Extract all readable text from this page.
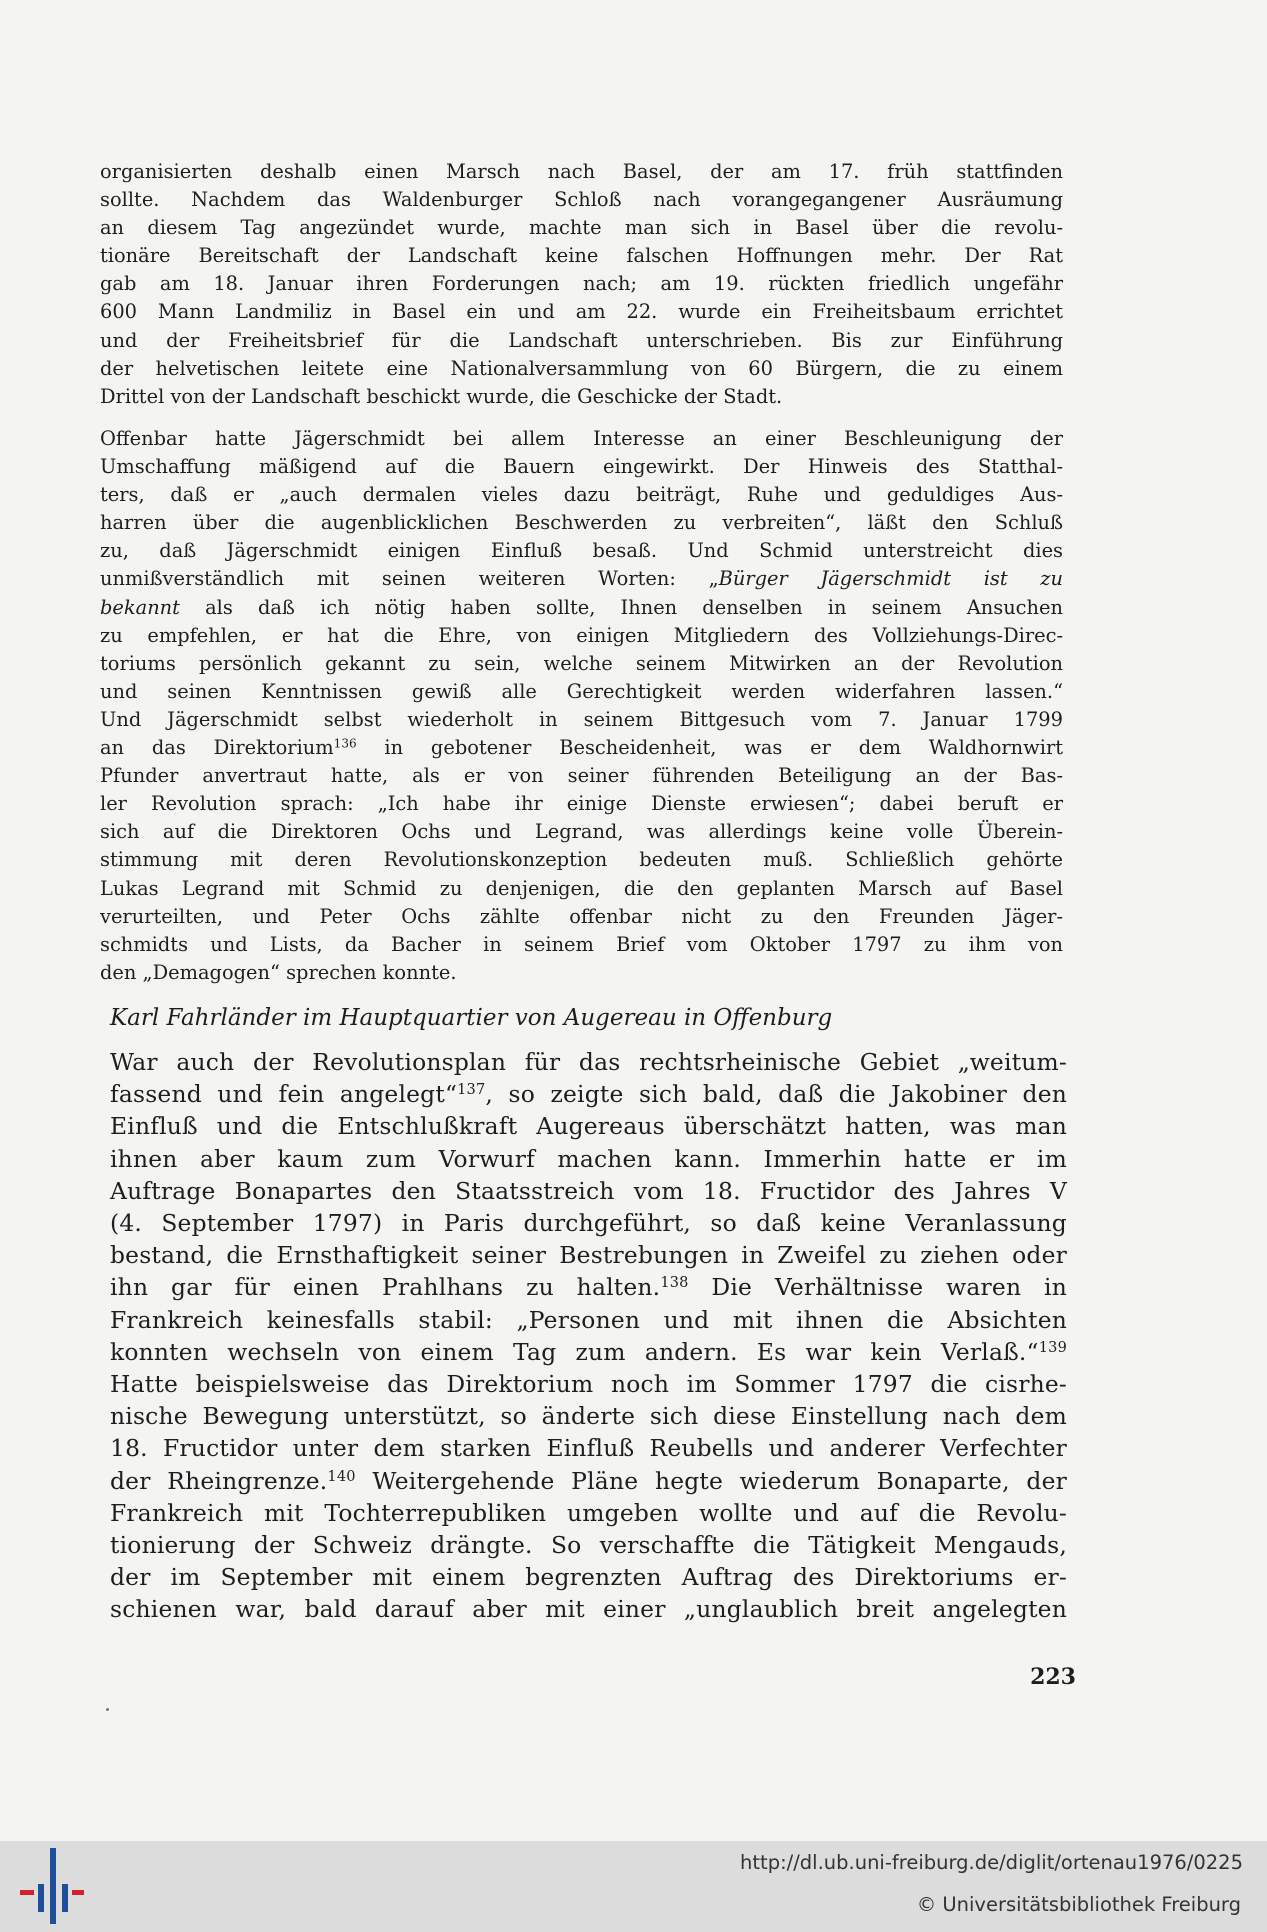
organisierten deshalb einen Marsch nach Basel, der am 17. früh stattfinden
sollte. Nachdem das Waldenburger Schloß nach vorangegangener Ausräumung
an diesem Tag angezündet wurde, machte man sich in Basel über die revolu-
tionäre Bereitschaft der Landschaft keine falschen Hoffnungen mehr. Der Rat
gab am 18. Januar ihren Forderungen nach; am 19. rückten friedlich ungefähr
600 Mann Landmiliz in Basel ein und am 22. wurde ein Freiheitsbaum errichtet
und der Freiheitsbrief für die Landschaft unterschrieben. Bis zur Einführung
der helvetischen leitete eine Nationalversammlung von 60 Bürgern, die zu einem
Drittel von der Landschaft beschickt wurde, die Geschicke der Stadt.
Offenbar hatte Jägerschmidt bei allem Interesse an einer Beschleunigung der
Umschaffung mäßigend auf die Bauern eingewirkt. Der Hinweis des Statthal-
ters, daß er „auch dermalen vieles dazu beiträgt, Ruhe und geduldiges Aus-
harren über die augenblicklichen Beschwerden zu verbreiten“, läßt den Schluß
zu, daß Jägerschmidt einigen Einfluß besaß. Und Schmid unterstreicht dies
unmißverständlich mit seinen weiteren Worten: „Bürger Jägerschmidt ist zu
bekannt als daß ich nötig haben sollte, Ihnen denselben in seinem Ansuchen
zu empfehlen, er hat die Ehre, von einigen Mitgliedern des Vollziehungs-Direc-
toriums persönlich gekannt zu sein, welche seinem Mitwirken an der Revolution
und seinen Kenntnissen gewiß alle Gerechtigkeit werden widerfahren lassen.“
Und Jägerschmidt selbst wiederholt in seinem Bittgesuch vom 7. Januar 1799
an das Direktorium$^{136}$ in gebotener Bescheidenheit, was er dem Waldhornwirt
Pfunder anvertraut hatte, als er von seiner führenden Beteiligung an der Bas-
ler Revolution sprach: „Ich habe ihr einige Dienste erwiesen“; dabei beruft er
sich auf die Direktoren Ochs und Legrand, was allerdings keine volle Überein-
stimmung mit deren Revolutionskonzeption bedeuten muß. Schließlich gehörte
Lukas Legrand mit Schmid zu denjenigen, die den geplanten Marsch auf Basel
verurteilten, und Peter Ochs zählte offenbar nicht zu den Freunden Jäger-
schmidts und Lists, da Bacher in seinem Brief vom Oktober 1797 zu ihm von
den „Demagogen“ sprechen konnte.
Karl Fahrländer im Hauptquartier von Augereau in Offenburg
War auch der Revolutionsplan für das rechtsrheinische Gebiet „weitum-
fassend und fein angelegt“$^{137}$, so zeigte sich bald, daß die Jakobiner den
Einfluß und die Entschlußkraft Augereaus überschätzt hatten, was man
ihnen aber kaum zum Vorwurf machen kann. Immerhin hatte er im
Auftrage Bonapartes den Staatsstreich vom 18. Fructidor des Jahres V
(4. September 1797) in Paris durchgeführt, so daß keine Veranlassung
bestand, die Ernsthaftigkeit seiner Bestrebungen in Zweifel zu ziehen oder
ihn gar für einen Prahlhans zu halten.$^{138}$ Die Verhältnisse waren in
Frankreich keinesfalls stabil: „Personen und mit ihnen die Absichten
konnten wechseln von einem Tag zum andern. Es war kein Verlaß.“$^{139}$
Hatte beispielsweise das Direktorium noch im Sommer 1797 die cisrhe-
nische Bewegung unterstützt, so änderte sich diese Einstellung nach dem
18. Fructidor unter dem starken Einfluß Reubells und anderer Verfechter
der Rheingrenze.$^{140}$ Weitergehende Pläne hegte wiederum Bonaparte, der
Frankreich mit Tochterrepubliken umgeben wollte und auf die Revolu-
tionierung der Schweiz drängte. So verschaffte die Tätigkeit Mengauds,
der im September mit einem begrenzten Auftrag des Direktoriums er-
schienen war, bald darauf aber mit einer „unglaublich breit angelegten
223
http://dl.ub.uni-freiburg.de/diglit/ortenau1976/0225
© Universitätsbibliothek Freiburg
